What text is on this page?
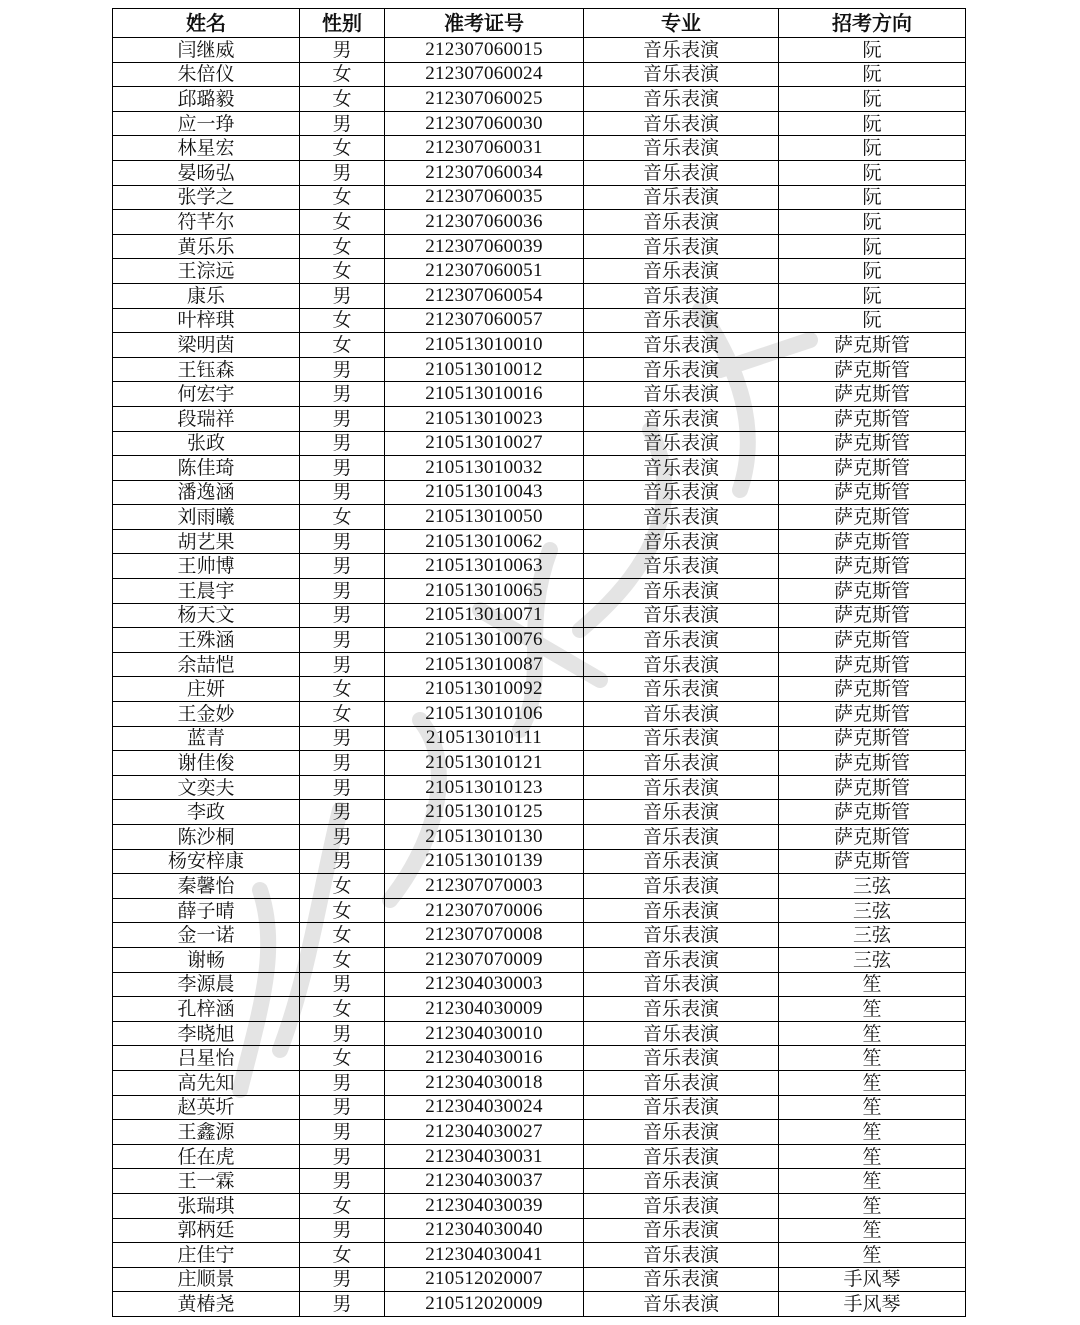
姓名	性别	准考证号	专业	招考方向
闫继威	男	212307060015	音乐表演	阮
朱倍仪	女	212307060024	音乐表演	阮
邱璐毅	女	212307060025	音乐表演	阮
应一琤	男	212307060030	音乐表演	阮
林星宏	女	212307060031	音乐表演	阮
晏旸弘	男	212307060034	音乐表演	阮
张学之	女	212307060035	音乐表演	阮
符芊尔	女	212307060036	音乐表演	阮
黄乐乐	女	212307060039	音乐表演	阮
王淙远	女	212307060051	音乐表演	阮
康乐	男	212307060054	音乐表演	阮
叶梓琪	女	212307060057	音乐表演	阮
梁明茵	女	210513010010	音乐表演	萨克斯管
王钰森	男	210513010012	音乐表演	萨克斯管
何宏宇	男	210513010016	音乐表演	萨克斯管
段瑞祥	男	210513010023	音乐表演	萨克斯管
张政	男	210513010027	音乐表演	萨克斯管
陈佳琦	男	210513010032	音乐表演	萨克斯管
潘逸涵	男	210513010043	音乐表演	萨克斯管
刘雨曦	女	210513010050	音乐表演	萨克斯管
胡艺果	男	210513010062	音乐表演	萨克斯管
王帅博	男	210513010063	音乐表演	萨克斯管
王晨宇	男	210513010065	音乐表演	萨克斯管
杨天文	男	210513010071	音乐表演	萨克斯管
王殊涵	男	210513010076	音乐表演	萨克斯管
余喆恺	男	210513010087	音乐表演	萨克斯管
庄妍	女	210513010092	音乐表演	萨克斯管
王金妙	女	210513010106	音乐表演	萨克斯管
蓝青	男	210513010111	音乐表演	萨克斯管
谢佳俊	男	210513010121	音乐表演	萨克斯管
文奕夫	男	210513010123	音乐表演	萨克斯管
李政	男	210513010125	音乐表演	萨克斯管
陈沙桐	男	210513010130	音乐表演	萨克斯管
杨安梓康	男	210513010139	音乐表演	萨克斯管
秦馨怡	女	212307070003	音乐表演	三弦
薛子晴	女	212307070006	音乐表演	三弦
金一诺	女	212307070008	音乐表演	三弦
谢畅	女	212307070009	音乐表演	三弦
李源晨	男	212304030003	音乐表演	笙
孔梓涵	女	212304030009	音乐表演	笙
李晓旭	男	212304030010	音乐表演	笙
吕星怡	女	212304030016	音乐表演	笙
高先知	男	212304030018	音乐表演	笙
赵英圻	男	212304030024	音乐表演	笙
王鑫源	男	212304030027	音乐表演	笙
任在虎	男	212304030031	音乐表演	笙
王一霖	男	212304030037	音乐表演	笙
张瑞琪	女	212304030039	音乐表演	笙
郭柄廷	男	212304030040	音乐表演	笙
庄佳宁	女	212304030041	音乐表演	笙
庄顺景	男	210512020007	音乐表演	手风琴
黄椿尧	男	210512020009	音乐表演	手风琴
